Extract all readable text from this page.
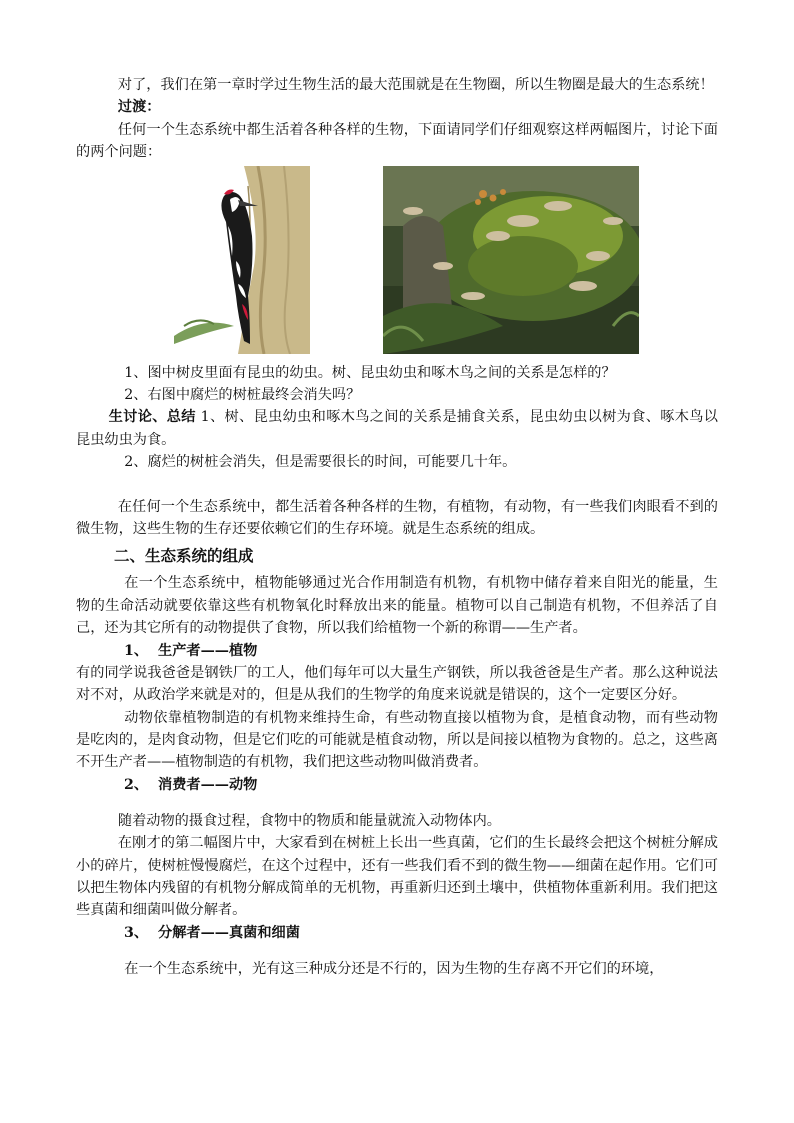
对了，我们在第一章时学过生物生活的最大范围就是在生物圈，所以生物圈是最大的生态系统！

过渡：

任何一个生态系统中都生活着各种各样的生物，下面请同学们仔细观察这样两幅图片，讨论下面的两个问题：

1、图中树皮里面有昆虫的幼虫。树、昆虫幼虫和啄木鸟之间的关系是怎样的？

2、右图中腐烂的树桩最终会消失吗？

生讨论、总结 1、树、昆虫幼虫和啄木鸟之间的关系是捕食关系，昆虫幼虫以树为食、啄木鸟以昆虫幼虫为食。

2、腐烂的树桩会消失，但是需要很长的时间，可能要几十年。

在任何一个生态系统中，都生活着各种各样的生物，有植物，有动物，有一些我们肉眼看不到的微生物，这些生物的生存还要依赖它们的生存环境。就是生态系统的组成。

二、生态系统的组成

在一个生态系统中，植物能够通过光合作用制造有机物，有机物中储存着来自阳光的能量，生物的生命活动就要依靠这些有机物氧化时释放出来的能量。植物可以自己制造有机物，不但养活了自己，还为其它所有的动物提供了食物，所以我们给植物一个新的称谓——生产者。

1、 生产者——植物

有的同学说我爸爸是钢铁厂的工人，他们每年可以大量生产钢铁，所以我爸爸是生产者。那么这种说法对不对，从政治学来就是对的，但是从我们的生物学的角度来说就是错误的，这个一定要区分好。

动物依靠植物制造的有机物来维持生命，有些动物直接以植物为食，是植食动物，而有些动物是吃肉的，是肉食动物，但是它们吃的可能就是植食动物，所以是间接以植物为食物的。总之，这些离不开生产者——植物制造的有机物，我们把这些动物叫做消费者。

2、 消费者——动物

随着动物的摄食过程，食物中的物质和能量就流入动物体内。

在刚才的第二幅图片中，大家看到在树桩上长出一些真菌，它们的生长最终会把这个树桩分解成小的碎片，使树桩慢慢腐烂，在这个过程中，还有一些我们看不到的微生物——细菌在起作用。它们可以把生物体内残留的有机物分解成简单的无机物，再重新归还到土壤中，供植物体重新利用。我们把这些真菌和细菌叫做分解者。

3、 分解者——真菌和细菌

在一个生态系统中，光有这三种成分还是不行的，因为生物的生存离不开它们的环境，
